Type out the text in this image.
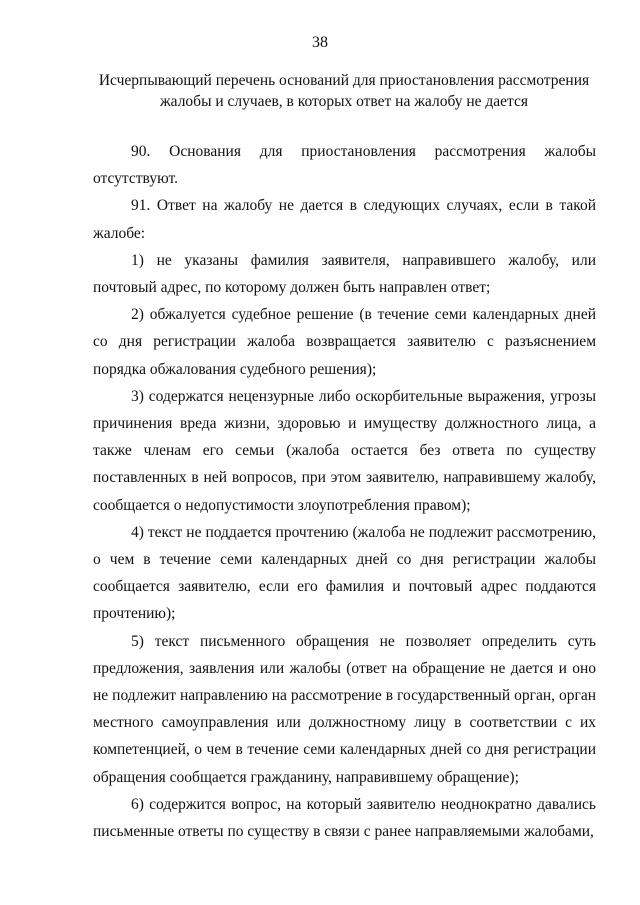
38
Исчерпывающий перечень оснований для приостановления рассмотрения
жалобы и случаев, в которых ответ на жалобу не дается

90. Основания для приостановления рассмотрения жалобы отсутствуют.

91. Ответ на жалобу не дается в следующих случаях, если в такой жалобе:

1) не указаны фамилия заявителя, направившего жалобу, или почтовый адрес, по которому должен быть направлен ответ;

2) обжалуется судебное решение (в течение семи календарных дней со дня регистрации жалоба возвращается заявителю с разъяснением порядка обжалования судебного решения);

3) содержатся нецензурные либо оскорбительные выражения, угрозы причинения вреда жизни, здоровью и имуществу должностного лица, а также членам его семьи (жалоба остается без ответа по существу поставленных в ней вопросов, при этом заявителю, направившему жалобу, сообщается о недопустимости злоупотребления правом);

4) текст не поддается прочтению (жалоба не подлежит рассмотрению, о чем в течение семи календарных дней со дня регистрации жалобы сообщается заявителю, если его фамилия и почтовый адрес поддаются прочтению);

5) текст письменного обращения не позволяет определить суть предложения, заявления или жалобы (ответ на обращение не дается и оно не подлежит направлению на рассмотрение в государственный орган, орган местного самоуправления или должностному лицу в соответствии с их компетенцией, о чем в течение семи календарных дней со дня регистрации обращения сообщается гражданину, направившему обращение);

6) содержится вопрос, на который заявителю неоднократно давались письменные ответы по существу в связи с ранее направляемыми жалобами,
